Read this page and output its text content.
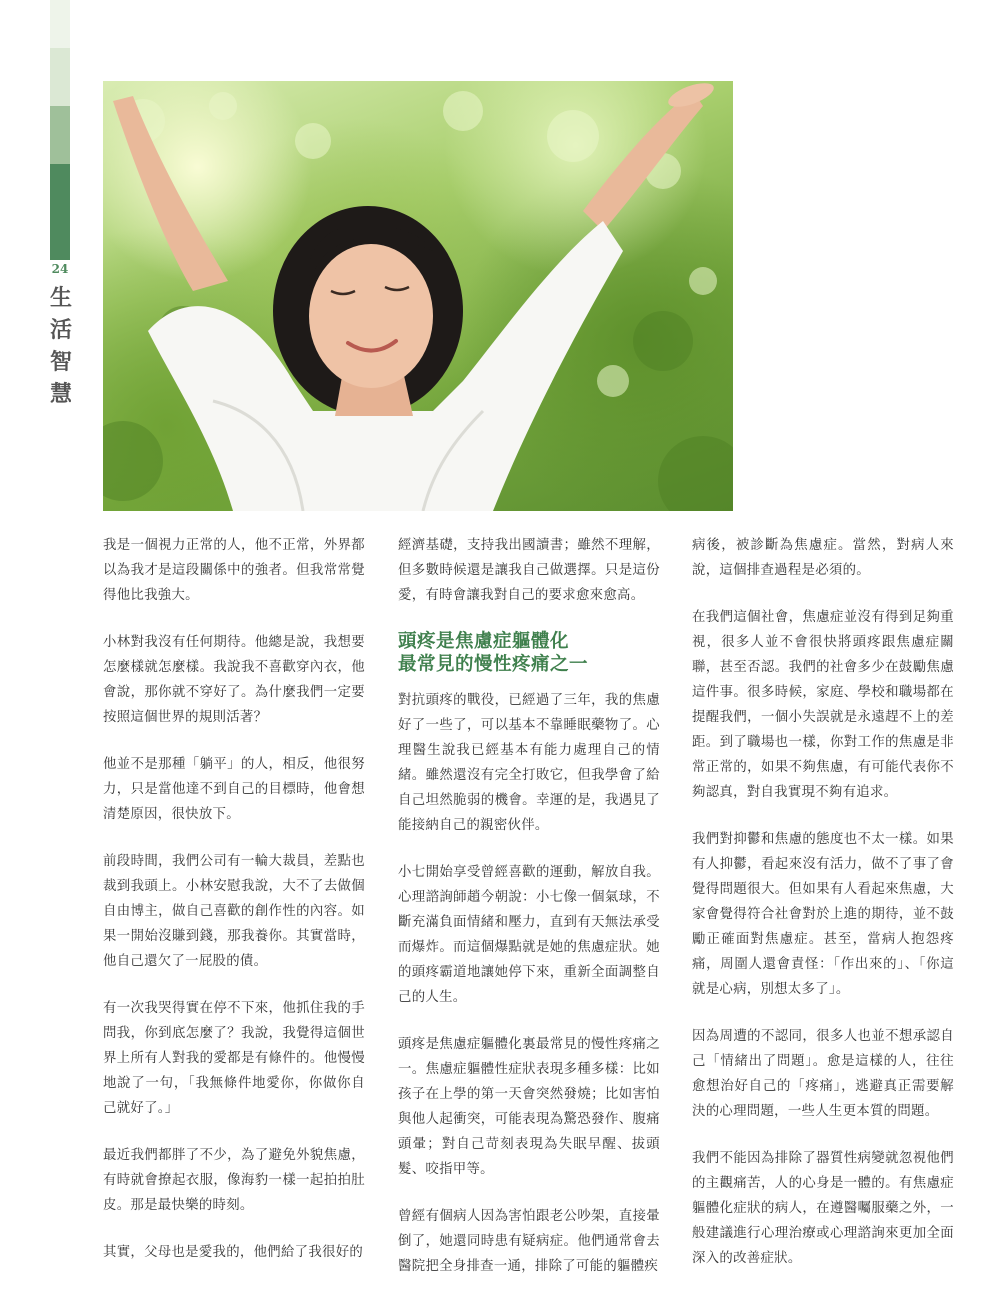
24
生
活
智
慧

我是一個視力正常的人，他不正常，外界都以為我才是這段關係中的強者。但我常常覺得他比我強大。

小林對我沒有任何期待。他總是說，我想要怎麼樣就怎麼樣。我說我不喜歡穿內衣，他會說，那你就不穿好了。為什麼我們一定要按照這個世界的規則活著？

他並不是那種「躺平」的人，相反，他很努力，只是當他達不到自己的目標時，他會想清楚原因，很快放下。

前段時間，我們公司有一輪大裁員，差點也裁到我頭上。小林安慰我說，大不了去做個自由博主，做自己喜歡的創作性的內容。如果一開始沒賺到錢，那我養你。其實當時，他自己還欠了一屁股的債。

有一次我哭得實在停不下來，他抓住我的手問我，你到底怎麼了？我說，我覺得這個世界上所有人對我的愛都是有條件的。他慢慢地說了一句，「我無條件地愛你，你做你自己就好了。」

最近我們都胖了不少，為了避免外貌焦慮，有時就會撩起衣服，像海豹一樣一起拍拍肚皮。那是最快樂的時刻。

其實，父母也是愛我的，他們給了我很好的

經濟基礎，支持我出國讀書；雖然不理解，但多數時候還是讓我自己做選擇。只是這份愛，有時會讓我對自己的要求愈來愈高。

頭疼是焦慮症軀體化
最常見的慢性疼痛之一

對抗頭疼的戰役，已經過了三年，我的焦慮好了一些了，可以基本不靠睡眠藥物了。心理醫生說我已經基本有能力處理自己的情緒。雖然還沒有完全打敗它，但我學會了給自己坦然脆弱的機會。幸運的是，我遇見了能接納自己的親密伙伴。

小七開始享受曾經喜歡的運動，解放自我。心理諮詢師趙今朝說：小七像一個氣球，不斷充滿負面情緒和壓力，直到有天無法承受而爆炸。而這個爆點就是她的焦慮症狀。她的頭疼霸道地讓她停下來，重新全面調整自己的人生。

頭疼是焦慮症軀體化裏最常見的慢性疼痛之一。焦慮症軀體性症狀表現多種多樣：比如孩子在上學的第一天會突然發燒；比如害怕與他人起衝突，可能表現為驚恐發作、腹痛頭暈；對自己苛刻表現為失眠早醒、拔頭髮、咬指甲等。

曾經有個病人因為害怕跟老公吵架，直接暈倒了，她還同時患有疑病症。他們通常會去醫院把全身排查一通，排除了可能的軀體疾

病後，被診斷為焦慮症。當然，對病人來說，這個排查過程是必須的。

在我們這個社會，焦慮症並沒有得到足夠重視，很多人並不會很快將頭疼跟焦慮症關聯，甚至否認。我們的社會多少在鼓勵焦慮這件事。很多時候，家庭、學校和職場都在提醒我們，一個小失誤就是永遠趕不上的差距。到了職場也一樣，你對工作的焦慮是非常正常的，如果不夠焦慮，有可能代表你不夠認真，對自我實現不夠有追求。

我們對抑鬱和焦慮的態度也不太一樣。如果有人抑鬱，看起來沒有活力，做不了事了會覺得問題很大。但如果有人看起來焦慮，大家會覺得符合社會對於上進的期待，並不鼓勵正確面對焦慮症。甚至，當病人抱怨疼痛，周圍人還會責怪：「作出來的」、「你這就是心病，別想太多了」。

因為周遭的不認同，很多人也並不想承認自己「情緒出了問題」。愈是這樣的人，往往愈想治好自己的「疼痛」，逃避真正需要解決的心理問題，一些人生更本質的問題。

我們不能因為排除了器質性病變就忽視他們的主觀痛苦，人的心身是一體的。有焦慮症軀體化症狀的病人，在遵醫囑服藥之外，一般建議進行心理治療或心理諮詢來更加全面深入的改善症狀。
